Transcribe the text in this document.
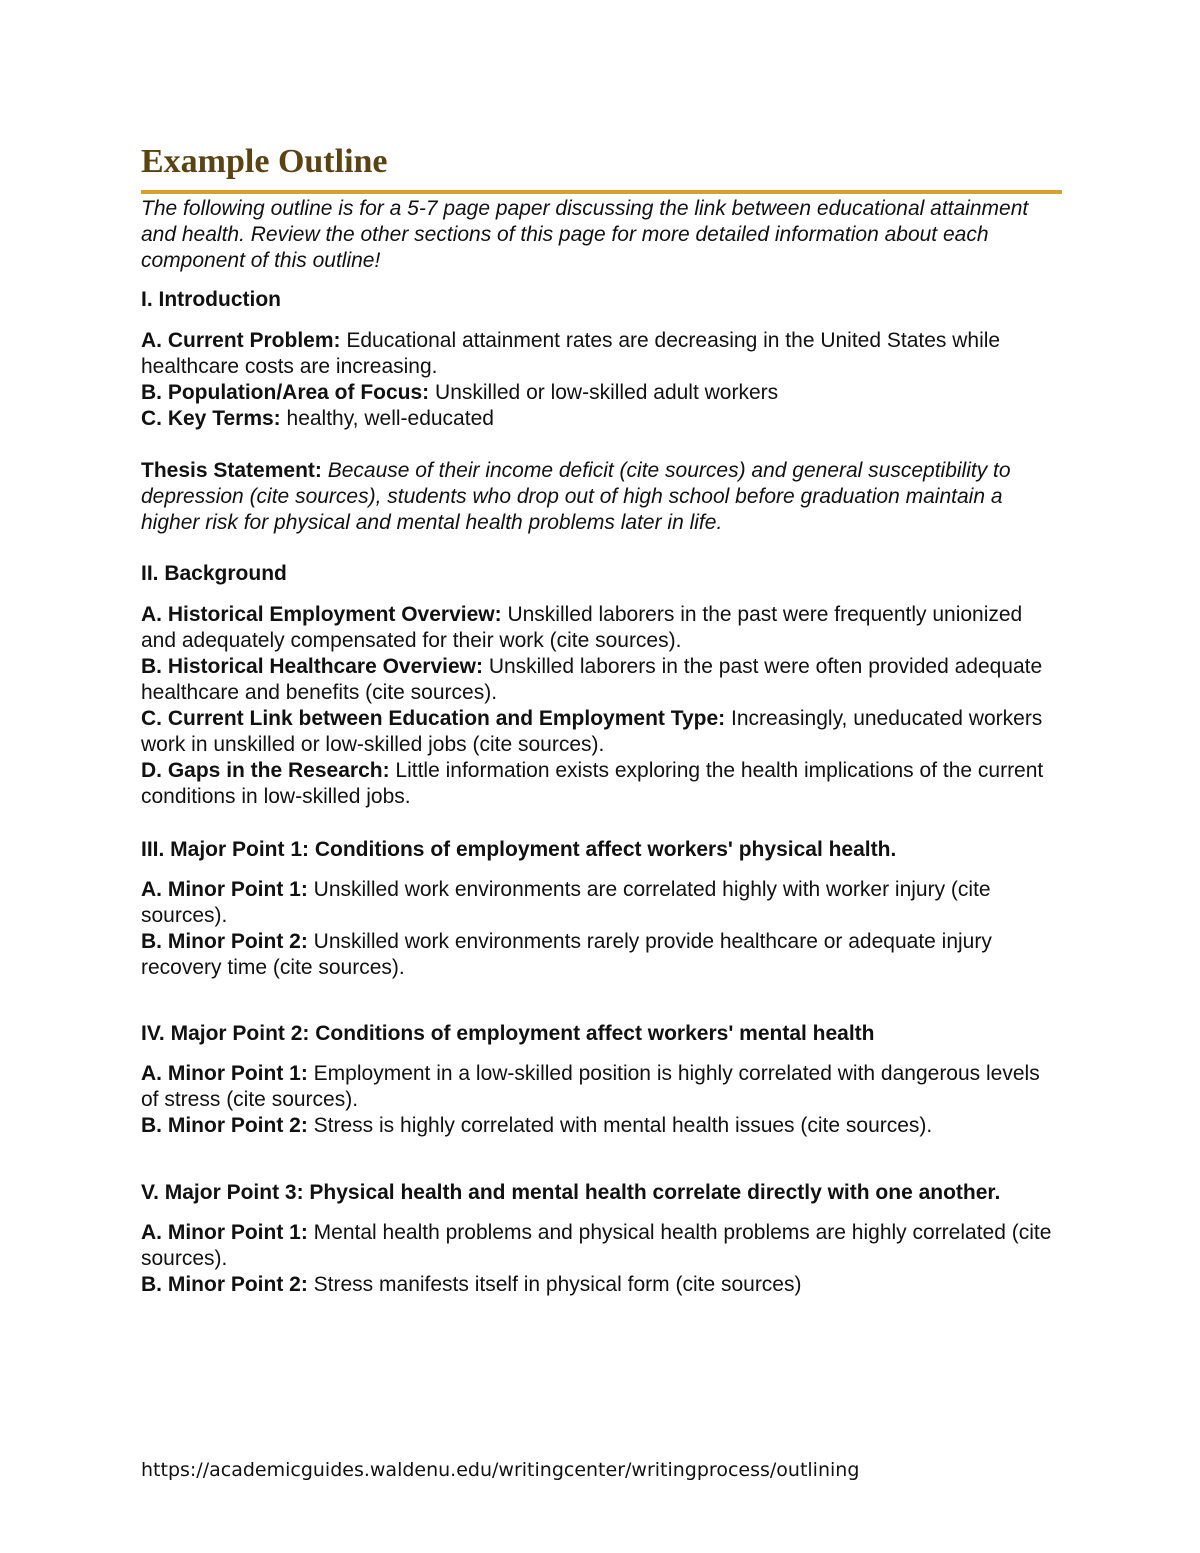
Example Outline

The following outline is for a 5-7 page paper discussing the link between educational attainment and health. Review the other sections of this page for more detailed information about each component of this outline!

I. Introduction

A. Current Problem: Educational attainment rates are decreasing in the United States while healthcare costs are increasing.

B. Population/Area of Focus: Unskilled or low-skilled adult workers

C. Key Terms: healthy, well-educated

Thesis Statement: Because of their income deficit (cite sources) and general susceptibility to depression (cite sources), students who drop out of high school before graduation maintain a higher risk for physical and mental health problems later in life.

II. Background

A. Historical Employment Overview: Unskilled laborers in the past were frequently unionized and adequately compensated for their work (cite sources).

B. Historical Healthcare Overview: Unskilled laborers in the past were often provided adequate healthcare and benefits (cite sources).

C. Current Link between Education and Employment Type: Increasingly, uneducated workers work in unskilled or low-skilled jobs (cite sources).

D. Gaps in the Research: Little information exists exploring the health implications of the current conditions in low-skilled jobs.

III. Major Point 1: Conditions of employment affect workers' physical health.

A. Minor Point 1: Unskilled work environments are correlated highly with worker injury (cite sources).

B. Minor Point 2: Unskilled work environments rarely provide healthcare or adequate injury recovery time (cite sources).

IV. Major Point 2: Conditions of employment affect workers' mental health

A. Minor Point 1: Employment in a low-skilled position is highly correlated with dangerous levels of stress (cite sources).

B. Minor Point 2: Stress is highly correlated with mental health issues (cite sources).

V. Major Point 3: Physical health and mental health correlate directly with one another.

A. Minor Point 1: Mental health problems and physical health problems are highly correlated (cite sources).

B. Minor Point 2: Stress manifests itself in physical form (cite sources)

https://academicguides.waldenu.edu/writingcenter/writingprocess/outlining
